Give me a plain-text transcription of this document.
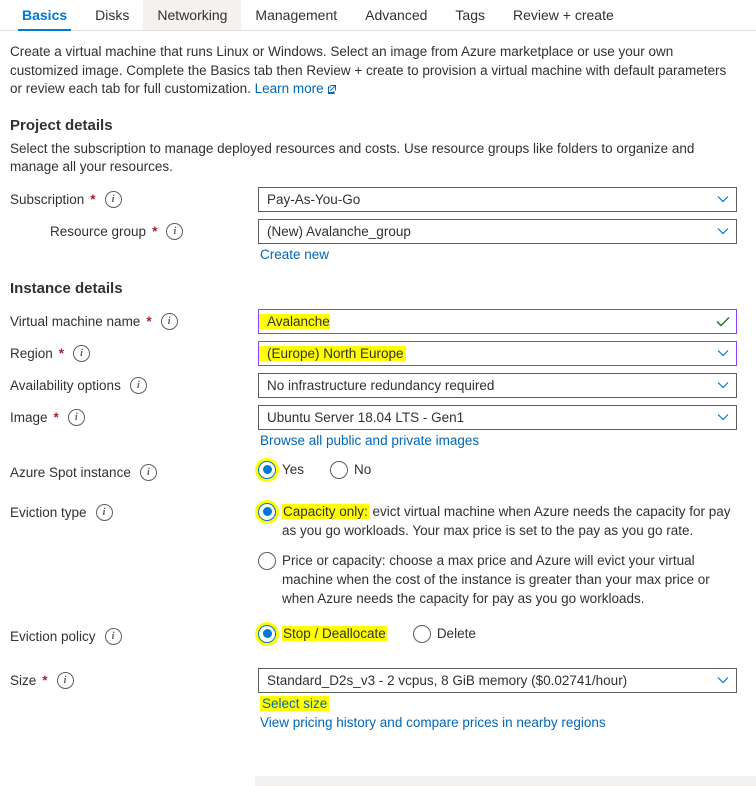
Basics Disks Networking Management Advanced Tags Review + create
Create a virtual machine that runs Linux or Windows. Select an image from Azure marketplace or use your own customized image. Complete the Basics tab then Review + create to provision a virtual machine with default parameters or review each tab for full customization. Learn more
Project details
Select the subscription to manage deployed resources and costs. Use resource groups like folders to organize and manage all your resources.
Subscription *	i	Pay-As-You-Go
Resource group *	i	(New) Avalanche_group
Create new
Instance details
Virtual machine name *	i	Avalanche
Region *	i	(Europe) North Europe
Availability options	i	No infrastructure redundancy required
Image *	i	Ubuntu Server 18.04 LTS - Gen1
Browse all public and private images
Azure Spot instance	i	Yes	No
Eviction type	i	Capacity only: evict virtual machine when Azure needs the capacity for pay as you go workloads. Your max price is set to the pay as you go rate.
Price or capacity: choose a max price and Azure will evict your virtual machine when the cost of the instance is greater than your max price or when Azure needs the capacity for pay as you go workloads.
Eviction policy	i	Stop / Deallocate	Delete
Size *	i	Standard_D2s_v3 - 2 vcpus, 8 GiB memory ($0.02741/hour)
Select size
View pricing history and compare prices in nearby regions
